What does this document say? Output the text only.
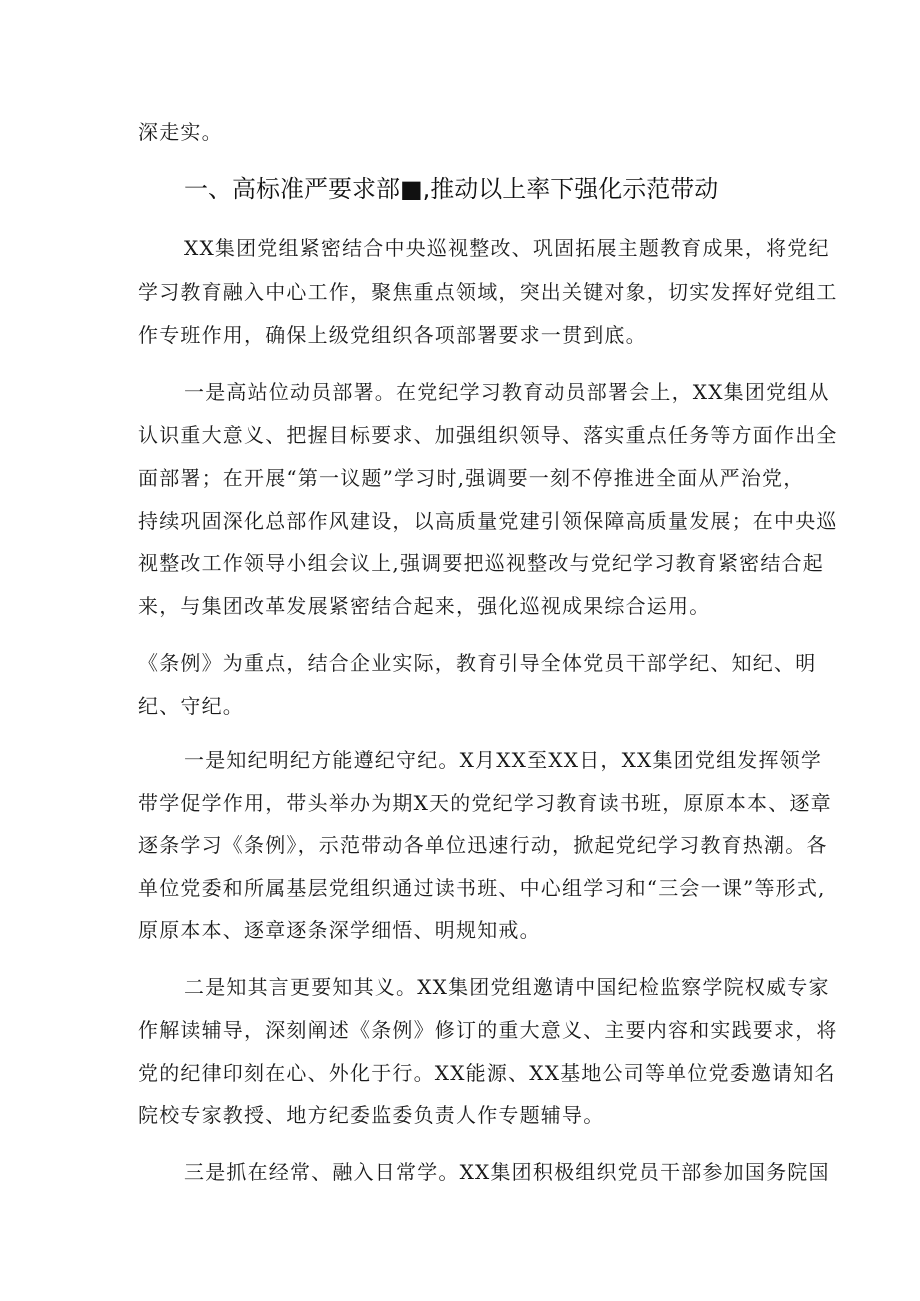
深走实。
一、高标准严要求部■,推动以上率下强化示范带动
XX集团党组紧密结合中央巡视整改、巩固拓展主题教育成果，将党纪
学习教育融入中心工作，聚焦重点领域，突出关键对象，切实发挥好党组工
作专班作用，确保上级党组织各项部署要求一贯到底。
一是高站位动员部署。在党纪学习教育动员部署会上，XX集团党组从
认识重大意义、把握目标要求、加强组织领导、落实重点任务等方面作出全
面部署；在开展“第一议题”学习时,强调要一刻不停推进全面从严治党，
持续巩固深化总部作风建设，以高质量党建引领保障高质量发展；在中央巡
视整改工作领导小组会议上,强调要把巡视整改与党纪学习教育紧密结合起
来，与集团改革发展紧密结合起来，强化巡视成果综合运用。
《条例》为重点，结合企业实际，教育引导全体党员干部学纪、知纪、明
纪、守纪。
一是知纪明纪方能遵纪守纪。X月XX至XX日，XX集团党组发挥领学
带学促学作用，带头举办为期X天的党纪学习教育读书班，原原本本、逐章
逐条学习《条例》，示范带动各单位迅速行动，掀起党纪学习教育热潮。各
单位党委和所属基层党组织通过读书班、中心组学习和“三会一课”等形式,
原原本本、逐章逐条深学细悟、明规知戒。
二是知其言更要知其义。XX集团党组邀请中国纪检监察学院权威专家
作解读辅导，深刻阐述《条例》修订的重大意义、主要内容和实践要求，将
党的纪律印刻在心、外化于行。XX能源、XX基地公司等单位党委邀请知名
院校专家教授、地方纪委监委负责人作专题辅导。
三是抓在经常、融入日常学。XX集团积极组织党员干部参加国务院国
